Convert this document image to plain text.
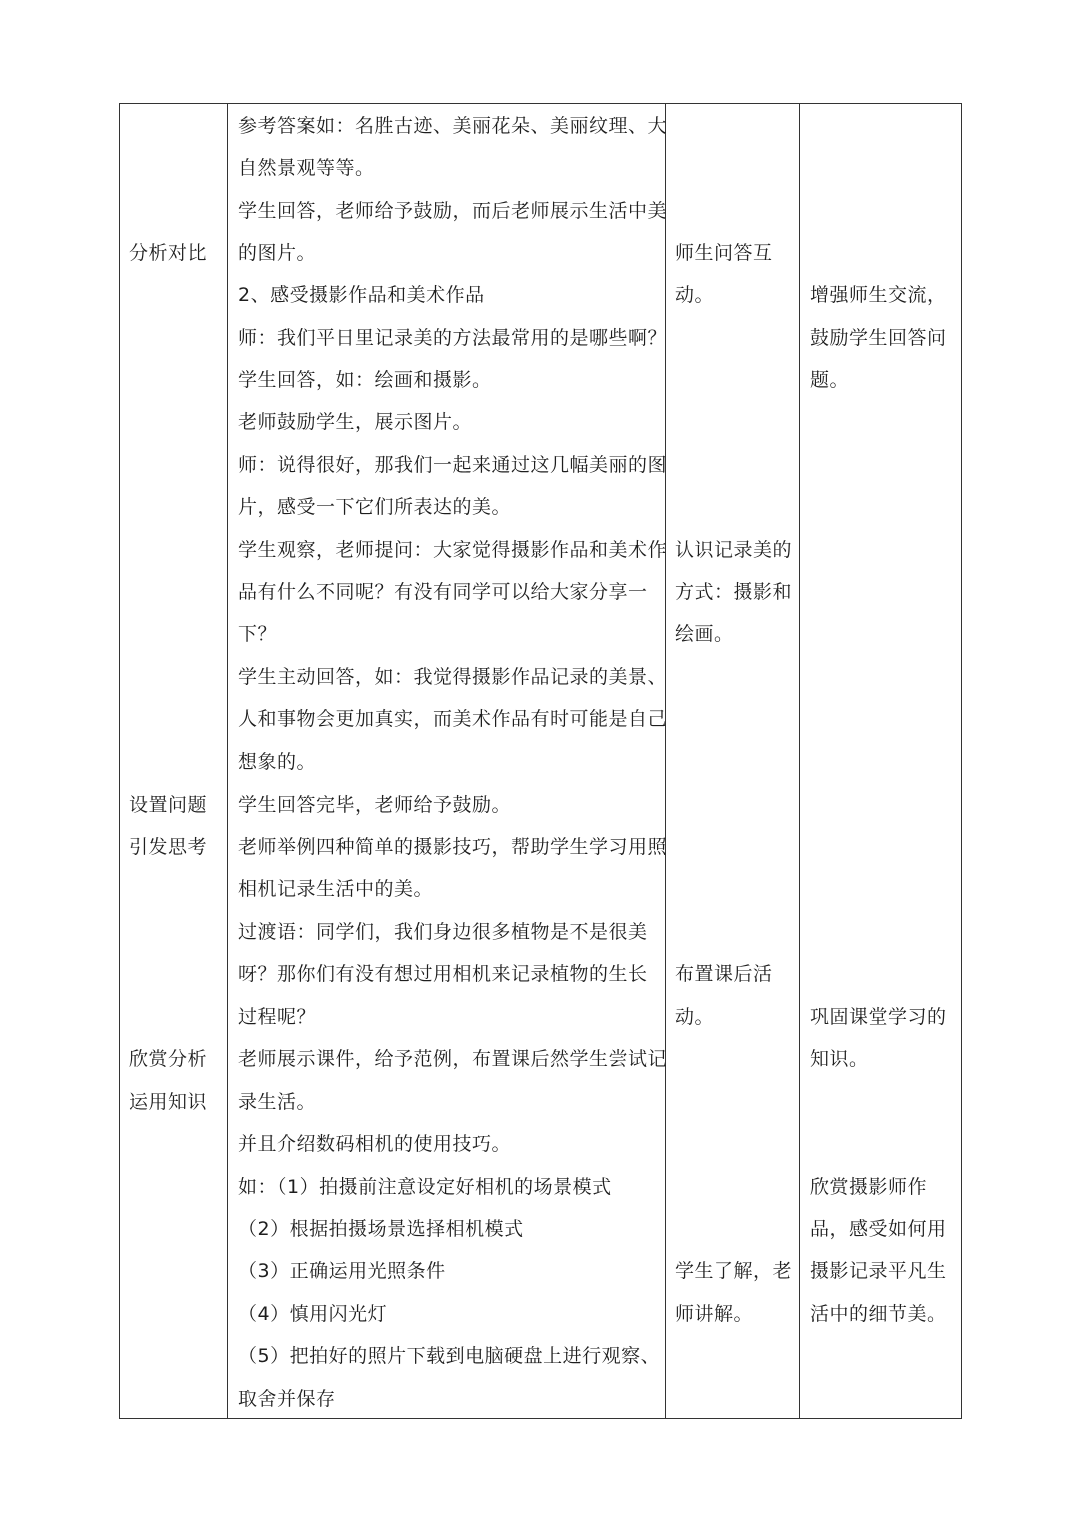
分析对比
设置问题
引发思考
欣赏分析
运用知识
参考答案如：名胜古迹、美丽花朵、美丽纹理、大
自然景观等等。
学生回答，老师给予鼓励，而后老师展示生活中美
的图片。
2、感受摄影作品和美术作品
师：我们平日里记录美的方法最常用的是哪些啊？
学生回答，如：绘画和摄影。
老师鼓励学生，展示图片。
师：说得很好，那我们一起来通过这几幅美丽的图
片，感受一下它们所表达的美。
学生观察，老师提问：大家觉得摄影作品和美术作
品有什么不同呢？有没有同学可以给大家分享一
下？
学生主动回答，如：我觉得摄影作品记录的美景、
人和事物会更加真实，而美术作品有时可能是自己
想象的。
学生回答完毕，老师给予鼓励。
老师举例四种简单的摄影技巧，帮助学生学习用照
相机记录生活中的美。
过渡语：同学们，我们身边很多植物是不是很美
呀？那你们有没有想过用相机来记录植物的生长
过程呢？
老师展示课件，给予范例，布置课后然学生尝试记
录生活。
并且介绍数码相机的使用技巧。
如：（1）拍摄前注意设定好相机的场景模式
（2）根据拍摄场景选择相机模式
（3）正确运用光照条件
（4）慎用闪光灯
（5）把拍好的照片下载到电脑硬盘上进行观察、
取舍并保存
师生问答互
动。
认识记录美的
方式：摄影和
绘画。
布置课后活
动。
学生了解，老
师讲解。
增强师生交流，
鼓励学生回答问
题。
巩固课堂学习的
知识。
欣赏摄影师作
品，感受如何用
摄影记录平凡生
活中的细节美。
